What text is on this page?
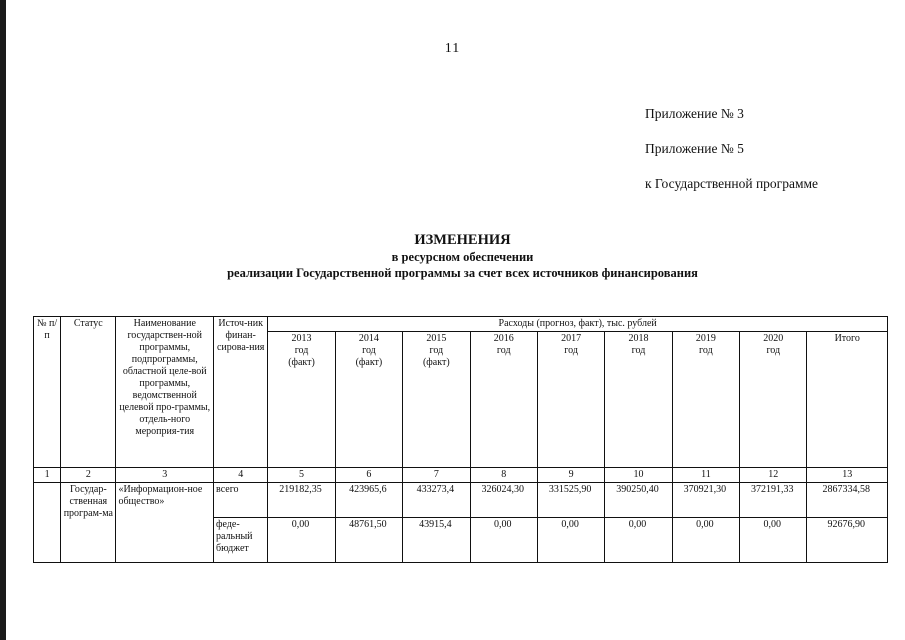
11
Приложение № 3
Приложение № 5
к Государственной программе
ИЗМЕНЕНИЯ
в ресурсном обеспечении
реализации Государственной программы за счет всех источников финансирования
№ п/п	Статус	Наименование государствен-ной программы, подпрограммы, областной целе-вой программы, ведомственной целевой про-граммы, отдель-ного мероприя-тия	Источ-ник финан-сирова-ния	Расходы (прогноз, факт), тыс. рублей								

				2013
год
(факт)	2014
год
(факт)	2015
год
(факт)	2016
год	2017
год	2018
год	2019
год	2020
год	Итого
1	2	3	4	5	6	7	8	9	10	11	12	13
	Государ-ственная програм-ма	«Информацион-ное общество»	всего	219182,35	423965,6	433273,4	326024,30	331525,90	390250,40	370921,30	372191,33	2867334,58
			феде-ральный бюджет	0,00	48761,50	43915,4	0,00	0,00	0,00	0,00	0,00	92676,90
